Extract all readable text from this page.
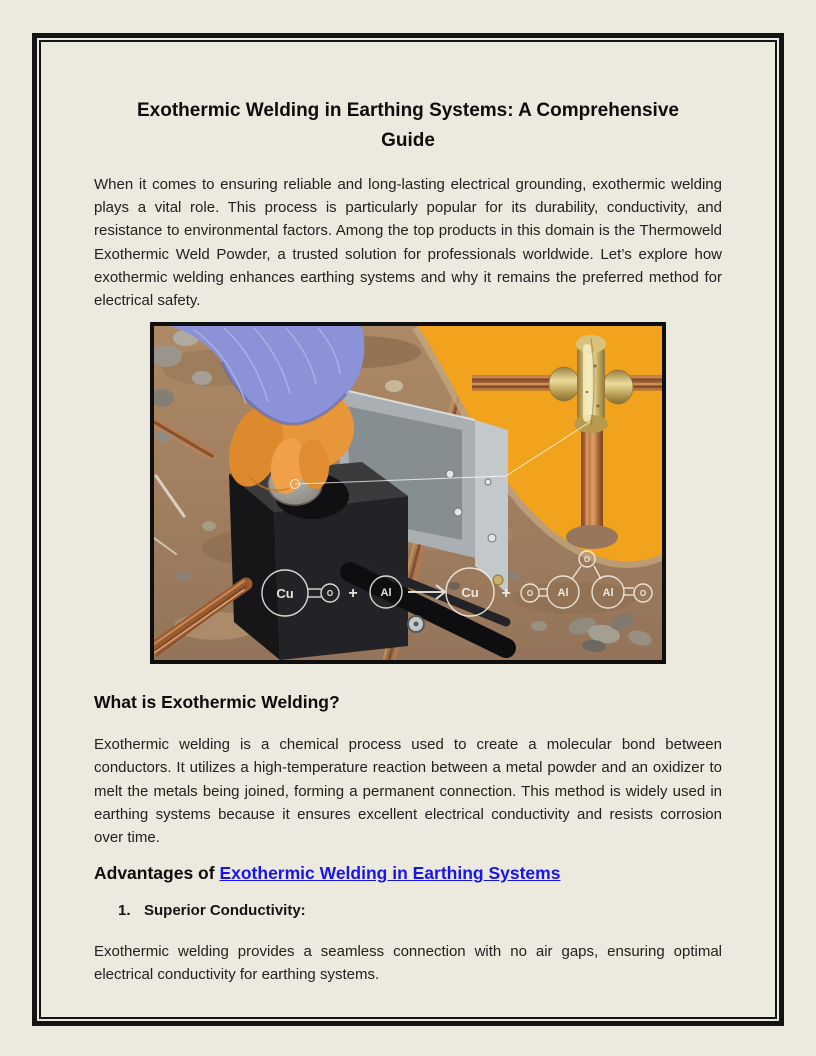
Exothermic Welding in Earthing Systems: A Comprehensive Guide

When it comes to ensuring reliable and long-lasting electrical grounding, exothermic welding plays a vital role. This process is particularly popular for its durability, conductivity, and resistance to environmental factors. Among the top products in this domain is the Thermoweld Exothermic Weld Powder, a trusted solution for professionals worldwide. Let’s explore how exothermic welding enhances earthing systems and why it remains the preferred method for electrical safety.

Cu	O + Al	Cu + O Al
O
Al	O
What is Exothermic Welding?

Exothermic welding is a chemical process used to create a molecular bond between conductors. It utilizes a high-temperature reaction between a metal powder and an oxidizer to melt the metals being joined, forming a permanent connection. This method is widely used in earthing systems because it ensures excellent electrical conductivity and resists corrosion over time.

Advantages of Exothermic Welding in Earthing Systems
1. Superior Conductivity:

Exothermic welding provides a seamless connection with no air gaps, ensuring optimal electrical conductivity for earthing systems.
